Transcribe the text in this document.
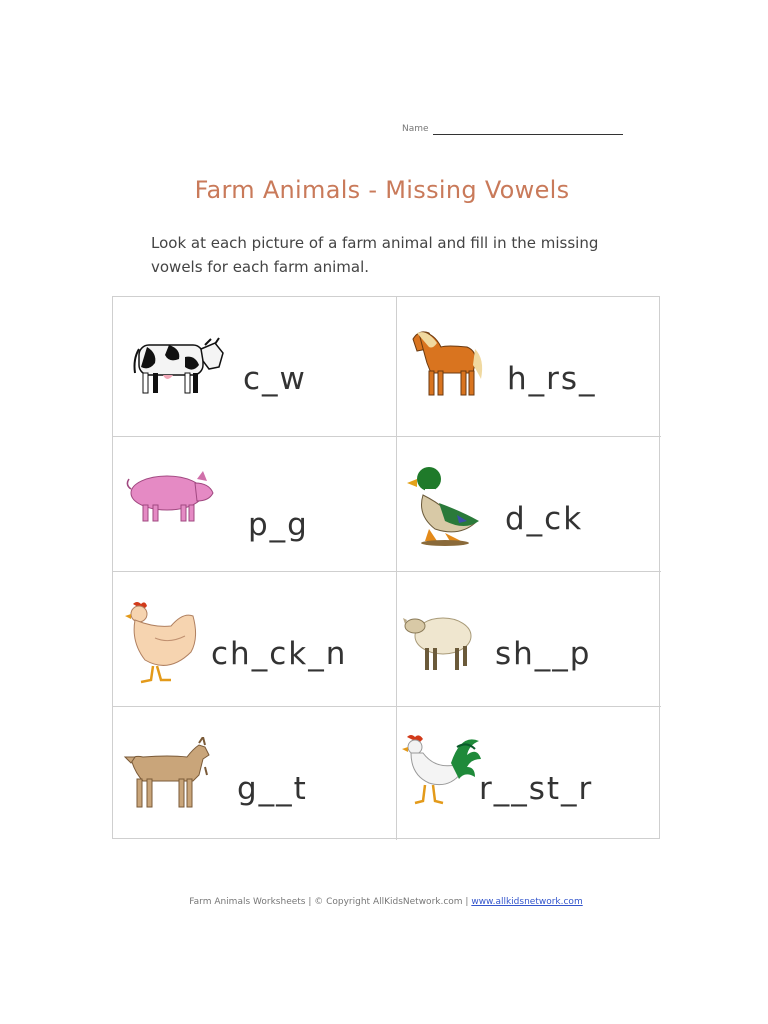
Name
Farm Animals - Missing Vowels
Look at each picture of a farm animal and fill in the missing vowels for each farm animal.
c_w	h_rs_
p_g	d_ck
ch_ck_n	sh__p
g__t	r__st_r
Farm Animals Worksheets | © Copyright AllKidsNetwork.com | www.allkidsnetwork.com
